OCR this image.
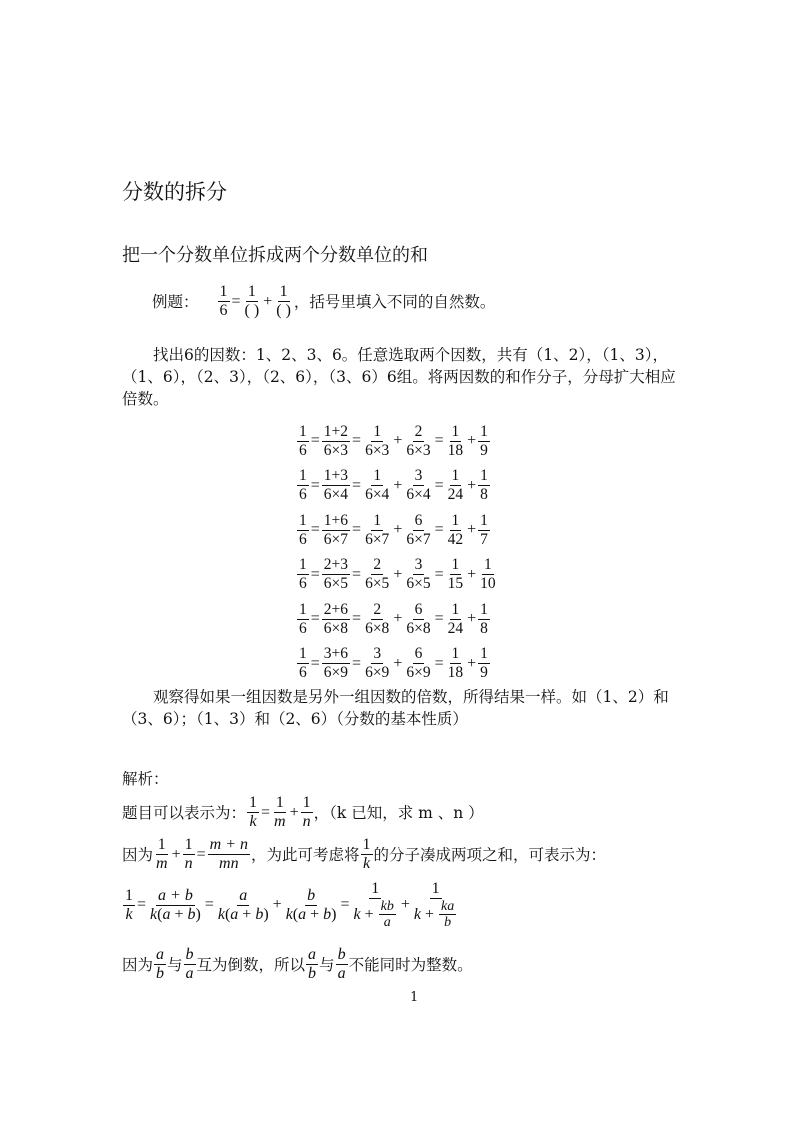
分数的拆分
把一个分数单位拆成两个分数单位的和
例题： $\frac{1}{6}$ =
1
( )
+
1
( ) ，括号里填入不同的自然数。
找出6的因数：1、2、3、6。任意选取两个因数，共有（1、2），（1、3），（1、6），（2、3），（2、6），（3、6）6组。将两因数的和作分子，分母扩大相应倍数。
$\frac{1}{6} = \frac{1+2}{6\times 3} = \frac{1}{6\times 3} + \frac{2}{6\times 3} = \frac{1}{18} + \frac{1}{9}$
$\frac{1}{6} = \frac{1+3}{6\times 4} = \frac{1}{6\times 4} + \frac{3}{6\times 4} = \frac{1}{24} + \frac{1}{8}$
$\frac{1}{6} = \frac{1+6}{6\times 7} = \frac{1}{6\times 7} + \frac{6}{6\times 7} = \frac{1}{42} + \frac{1}{7}$
$\frac{1}{6} = \frac{2+3}{6\times 5} = \frac{2}{6\times 5} + \frac{3}{6\times 5} = \frac{1}{15} + \frac{1}{10}$
$\frac{1}{6} = \frac{2+6}{6\times 8} = \frac{2}{6\times 8} + \frac{6}{6\times 8} = \frac{1}{24} + \frac{1}{8}$
$\frac{1}{6} = \frac{3+6}{6\times 9} = \frac{3}{6\times 9} + \frac{6}{6\times 9} = \frac{1}{18} + \frac{1}{9}$
观察得如果一组因数是另外一组因数的倍数，所得结果一样。如（1、2）和（3、6）；（1、3）和（2、6）（分数的基本性质）
解析：
题目可以表示为： $\frac{1}{k} = \frac{1}{m} + \frac{1}{n}$ ，（k 已知，求 m 、n ）
因为
1
m
+ $\frac{1}{n} = \frac{m + n}{mn}$ ，为此可考虑将
1
k 的分子凑成两项之和，可表示为：
$\frac{1}{k} = \frac{a + b}{k(a + b)} = \frac{a}{k(a + b)} + \frac{b}{k(a + b)}$ =
1
k + kb
a
+
1
k + ka
b
因为
a
b 与
b
a 互为倒数，所以
a
b 与
b
a 不能同时为整数。
1
